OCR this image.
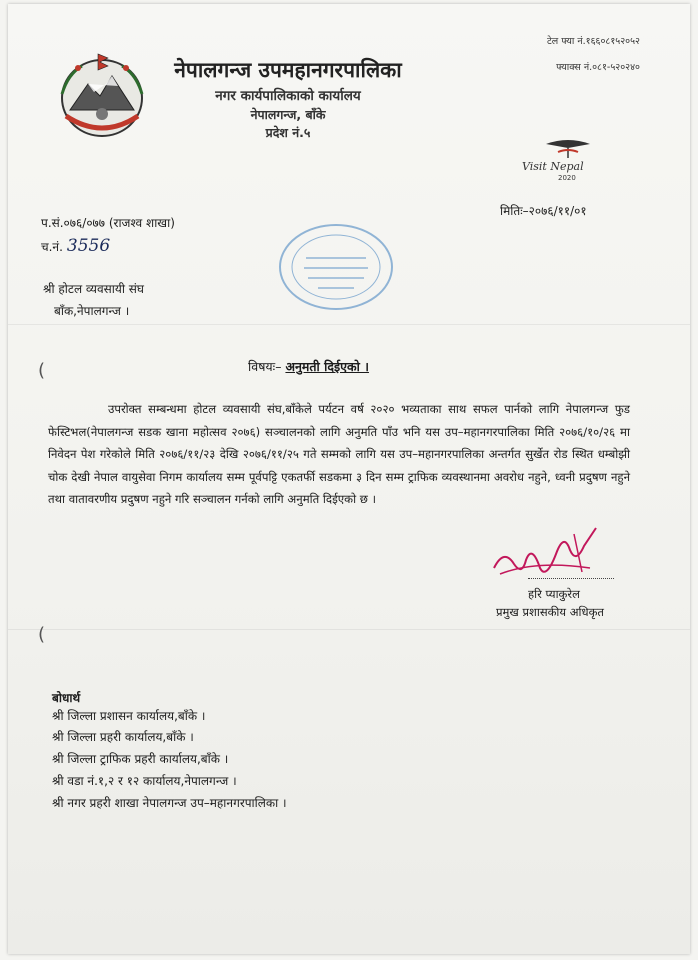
नेपालगन्ज उपमहानगरपालिका
नगर कार्यपालिकाको कार्यालय
नेपालगन्ज, बाँके
प्रदेश नं.५
टेल फ्या नं.१६६०८१५२०५२
फ्याक्स नं.०८१-५२०२४०
Visit Nepal
2020
मितिः–२०७६/११/०१
प.सं.०७६/०७७ (राजश्व शाखा)
च.नं. 3556
श्री होटल व्यवसायी संघ
बाँक,नेपालगन्ज ।
(	विषयः– अनुमती दिईएको ।
उपरोक्त सम्बन्धमा होटल व्यवसायी संघ,बाँकेले पर्यटन वर्ष २०२० भव्यताका साथ सफल पार्नको लागि नेपालगन्ज फुड फेस्टिभल(नेपालगन्ज सडक खाना महोत्सव २०७६) सञ्चालनको लागि अनुमति पाँउ भनि यस उप–महानगरपालिका मिति २०७६/१०/२६ मा निवेदन पेश गरेकोले मिति २०७६/११/२३ देखि २०७६/११/२५ गते सम्मको लागि यस उप–महानगरपालिका अन्तर्गत सुर्खेत रोड स्थित धम्बोझी चोक देखी नेपाल वायुसेवा निगम कार्यालय सम्म पूर्वपट्टि एकतर्फी सडकमा ३ दिन सम्म ट्राफिक व्यवस्थानमा अवरोध नहुने, ध्वनी प्रदुषण नहुने तथा वातावरणीय प्रदुषण नहुने गरि सञ्चालन गर्नको लागि अनुमति दिईएको छ ।
हरि प्याकुरेल
प्रमुख प्रशासकीय अधिकृत
(
बोधार्थ
श्री जिल्ला प्रशासन कार्यालय,बाँके ।
श्री जिल्ला प्रहरी कार्यालय,बाँके ।
श्री जिल्ला ट्राफिक प्रहरी कार्यालय,बाँके ।
श्री वडा नं.१,२ र १२ कार्यालय,नेपालगन्ज ।
श्री नगर प्रहरी शाखा नेपालगन्ज उप–महानगरपालिका ।
